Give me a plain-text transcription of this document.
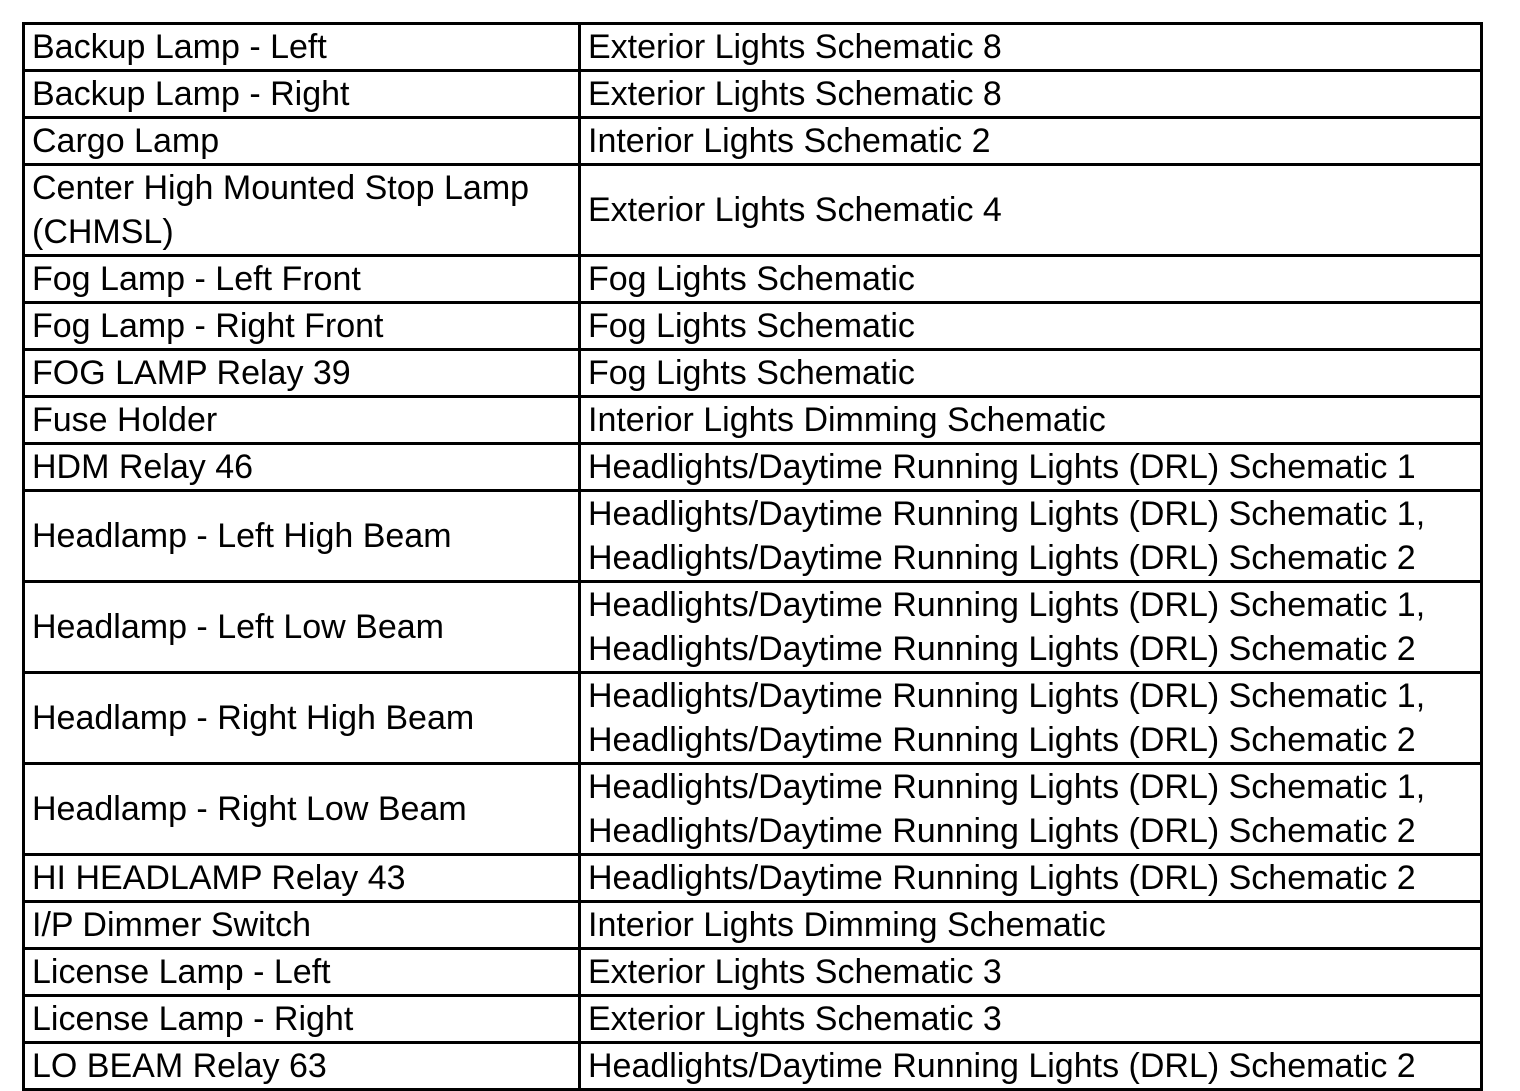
Backup Lamp - Left	Exterior Lights Schematic 8

Backup Lamp - Right	Exterior Lights Schematic 8

Cargo Lamp	Interior Lights Schematic 2

Center High Mounted Stop Lamp (CHMSL)	Exterior Lights Schematic 4

Fog Lamp - Left Front	Fog Lights Schematic

Fog Lamp - Right Front	Fog Lights Schematic

FOG LAMP Relay 39	Fog Lights Schematic

Fuse Holder	Interior Lights Dimming Schematic

HDM Relay 46	Headlights/Daytime Running Lights (DRL) Schematic 1

Headlamp - Left High Beam	Headlights/Daytime Running Lights (DRL) Schematic 1,
Headlights/Daytime Running Lights (DRL) Schematic 2

Headlamp - Left Low Beam	Headlights/Daytime Running Lights (DRL) Schematic 1,
Headlights/Daytime Running Lights (DRL) Schematic 2

Headlamp - Right High Beam	Headlights/Daytime Running Lights (DRL) Schematic 1,
Headlights/Daytime Running Lights (DRL) Schematic 2

Headlamp - Right Low Beam	Headlights/Daytime Running Lights (DRL) Schematic 1,
Headlights/Daytime Running Lights (DRL) Schematic 2

HI HEADLAMP Relay 43	Headlights/Daytime Running Lights (DRL) Schematic 2

I/P Dimmer Switch	Interior Lights Dimming Schematic

License Lamp - Left	Exterior Lights Schematic 3

License Lamp - Right	Exterior Lights Schematic 3

LO BEAM Relay 63	Headlights/Daytime Running Lights (DRL) Schematic 2
